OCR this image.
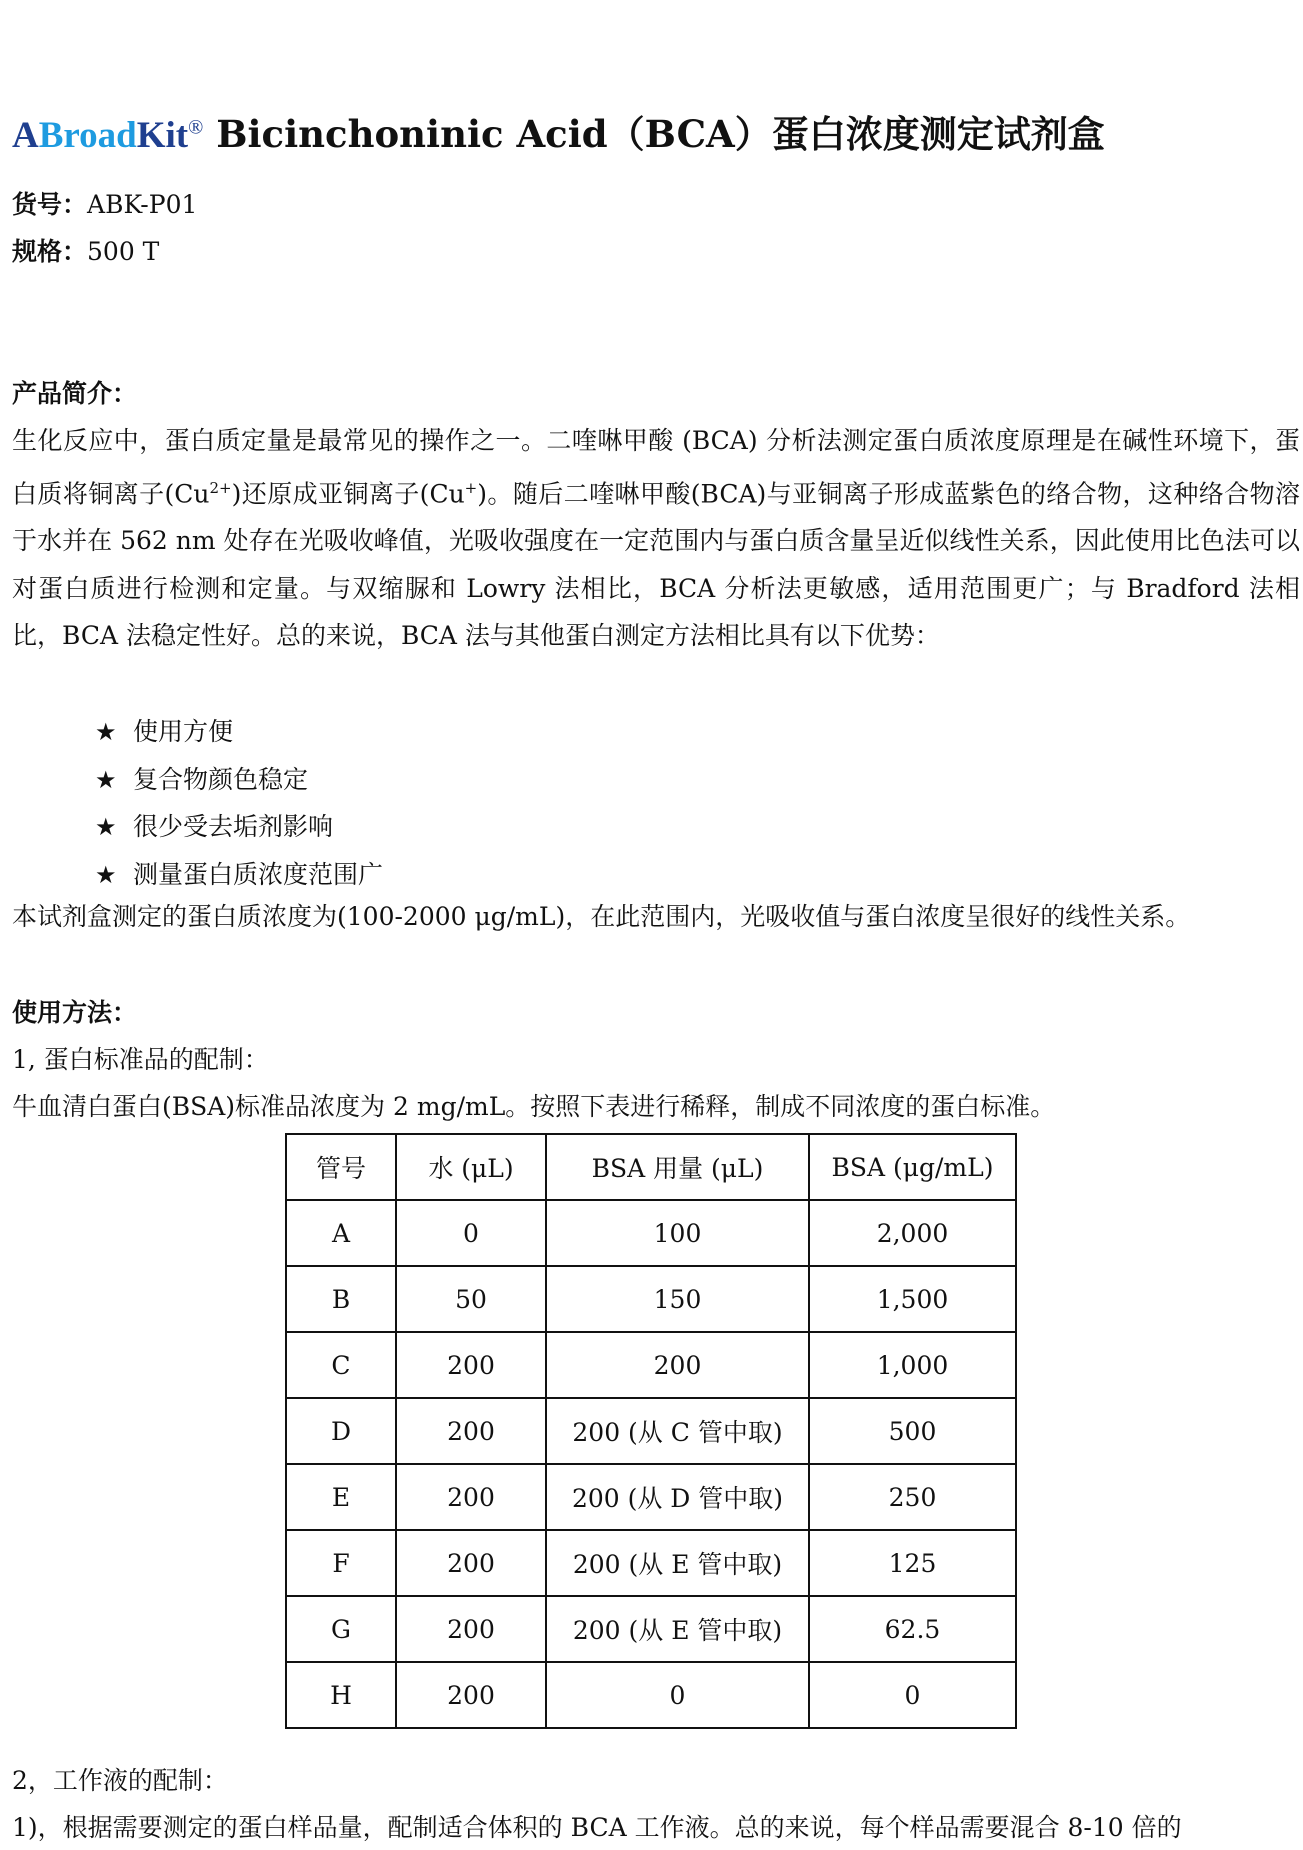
ABroadKit® Bicinchoninic Acid（BCA）蛋白浓度测定试剂盒
货号：ABK-P01
规格：500 T
产品简介：
生化反应中，蛋白质定量是最常见的操作之一。二喹啉甲酸 (BCA) 分析法测定蛋白质浓度原理是在碱性环境下，蛋白质将铜离子$(Cu^{2+})$还原成亚铜离子(Cu+)。随后二喹啉甲酸(BCA)与亚铜离子形成蓝紫色的络合物，这种络合物溶于水并在 562 nm 处存在光吸收峰值，光吸收强度在一定范围内与蛋白质含量呈近似线性关系，因此使用比色法可以对蛋白质进行检测和定量。与双缩脲和 Lowry 法相比，BCA 分析法更敏感，适用范围更广；与 Bradford 法相比，BCA 法稳定性好。总的来说，BCA 法与其他蛋白测定方法相比具有以下优势：
★ 使用方便
★ 复合物颜色稳定
★ 很少受去垢剂影响
★ 测量蛋白质浓度范围广
本试剂盒测定的蛋白质浓度为(100-2000 μg/mL)，在此范围内，光吸收值与蛋白浓度呈很好的线性关系。
使用方法：
1, 蛋白标准品的配制：
牛血清白蛋白(BSA)标准品浓度为 2 mg/mL。按照下表进行稀释，制成不同浓度的蛋白标准。
管号	水 (μL)	BSA 用量 (μL)	BSA (μg/mL)
A	0	100	2,000
B	50	150	1,500
C	200	200	1,000
D	200	200 (从 C 管中取)	500
E	200	200 (从 D 管中取)	250
F	200	200 (从 E 管中取)	125
G	200	200 (从 E 管中取)	62.5
H	200	0	0
2，工作液的配制：
1)，根据需要测定的蛋白样品量，配制适合体积的 BCA 工作液。总的来说，每个样品需要混合 8-10 倍的
